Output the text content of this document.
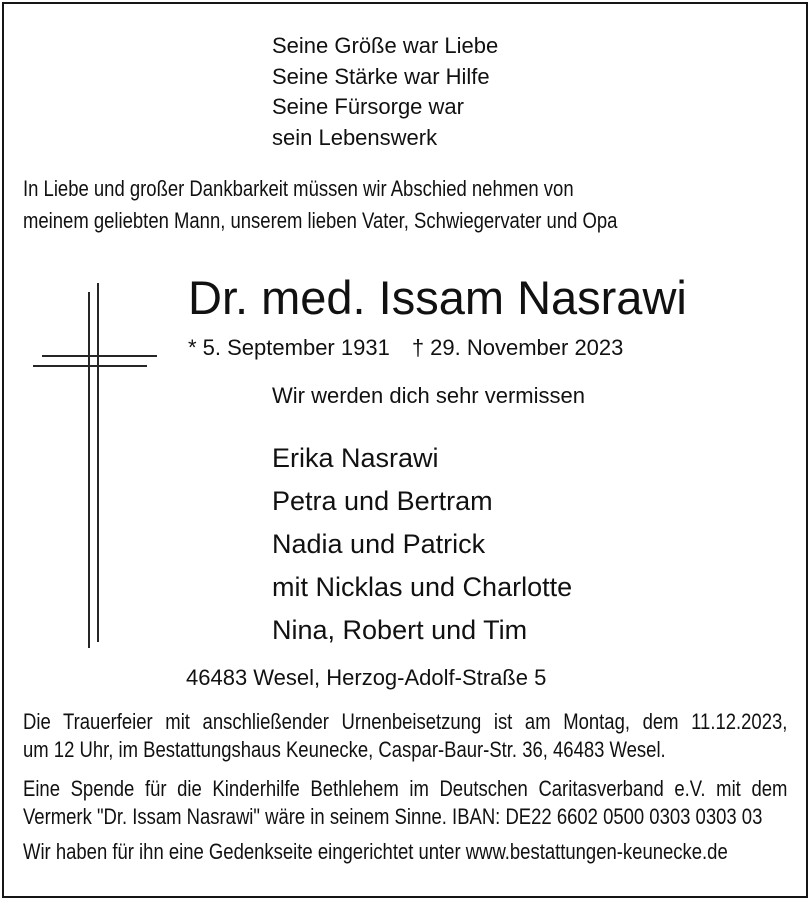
Seine Größe war Liebe
Seine Stärke war Hilfe
Seine Fürsorge war
sein Lebenswerk
In Liebe und großer Dankbarkeit müssen wir Abschied nehmen von
meinem geliebten Mann, unserem lieben Vater, Schwiegervater und Opa
Dr. med. Issam Nasrawi
* 5. September 1931 † 29. November 2023
Wir werden dich sehr vermissen
Erika Nasrawi
Petra und Bertram
Nadia und Patrick
mit Nicklas und Charlotte
Nina, Robert und Tim
46483 Wesel, Herzog-Adolf-Straße 5
Die Trauerfeier mit anschließender Urnenbeisetzung ist am Montag, dem 11.12.2023,
um 12 Uhr, im Bestattungshaus Keunecke, Caspar-Baur-Str. 36, 46483 Wesel.
Eine Spende für die Kinderhilfe Bethlehem im Deutschen Caritasverband e.V. mit dem
Vermerk "Dr. Issam Nasrawi" wäre in seinem Sinne. IBAN: DE22 6602 0500 0303 0303 03
Wir haben für ihn eine Gedenkseite eingerichtet unter www.bestattungen-keunecke.de
